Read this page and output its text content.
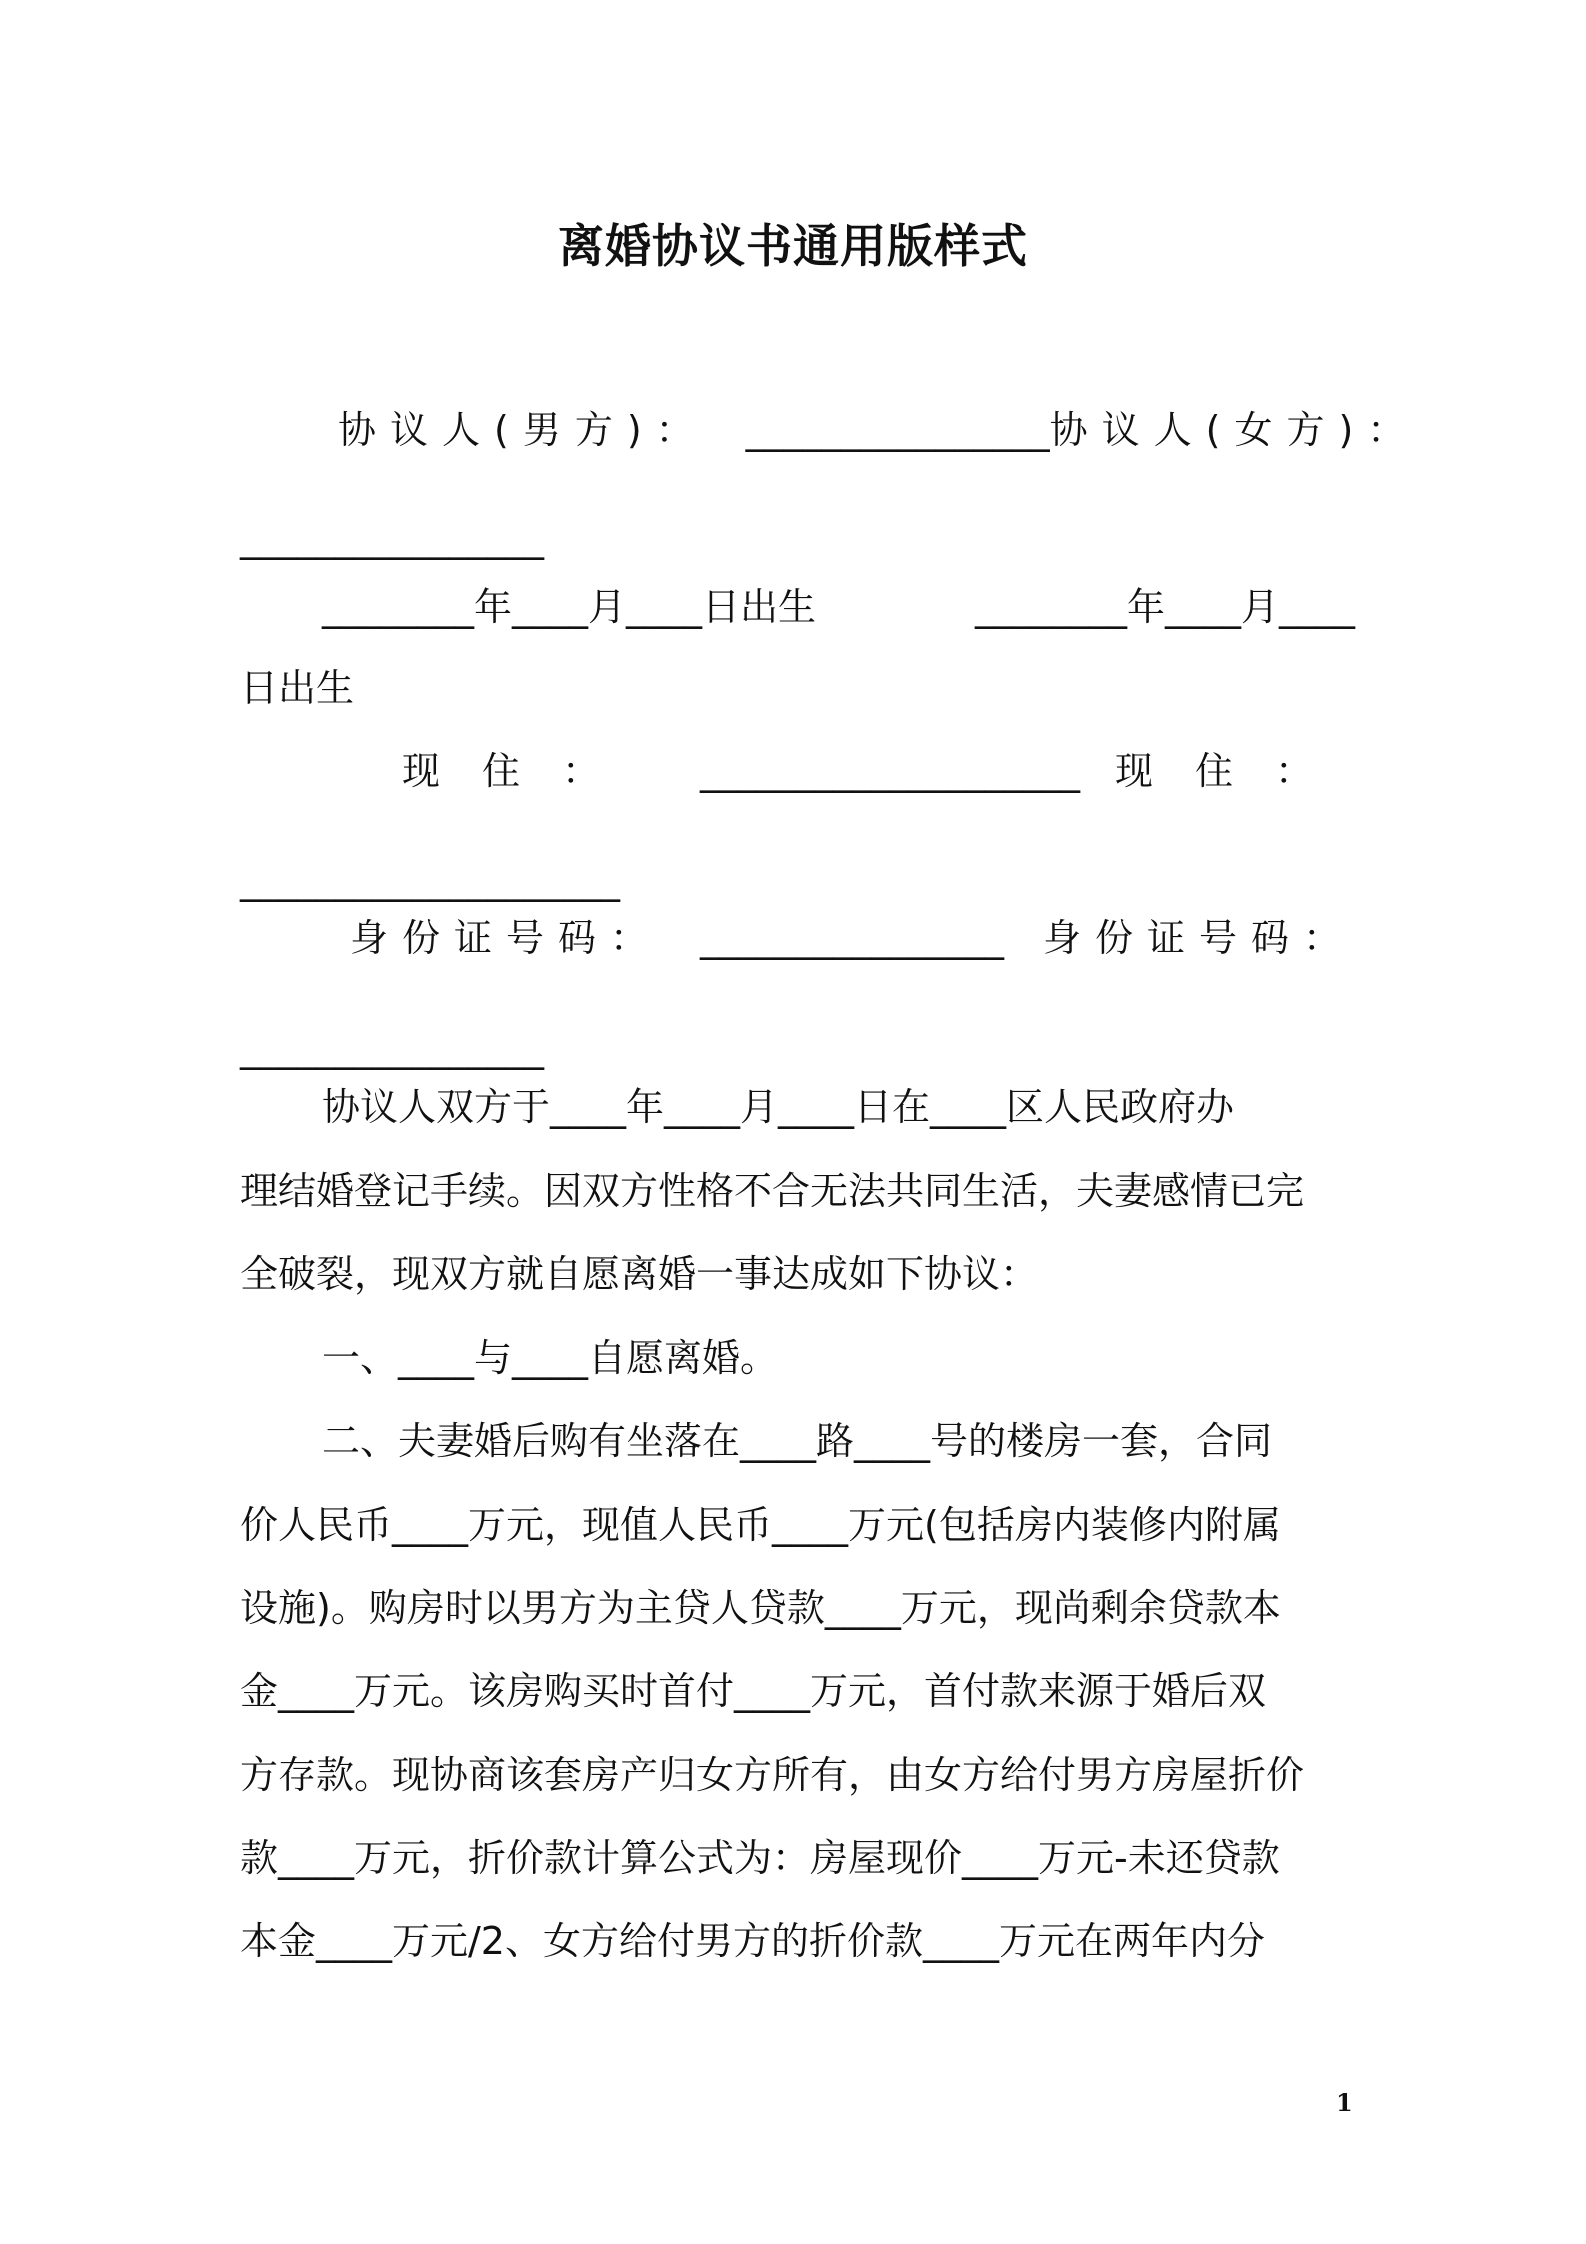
离婚协议书通用版样式
协议人(男方)： ________________ 协议人(女方)：
________________
________年____月____日出生	________年____月____
日出生
现住： ____________________ 现住：
____________________
身份证号码： ________________ 身份证号码：
________________
协议人双方于____年____月____日在____区人民政府办
理结婚登记手续。因双方性格不合无法共同生活，夫妻感情已完
全破裂，现双方就自愿离婚一事达成如下协议：
一、____与____自愿离婚。
二、夫妻婚后购有坐落在____路____号的楼房一套，合同
价人民币____万元，现值人民币____万元(包括房内装修内附属
设施)。购房时以男方为主贷人贷款____万元，现尚剩余贷款本
金____万元。该房购买时首付____万元，首付款来源于婚后双
方存款。现协商该套房产归女方所有，由女方给付男方房屋折价
款____万元，折价款计算公式为：房屋现价____万元-未还贷款
本金____万元/2、女方给付男方的折价款____万元在两年内分
1
